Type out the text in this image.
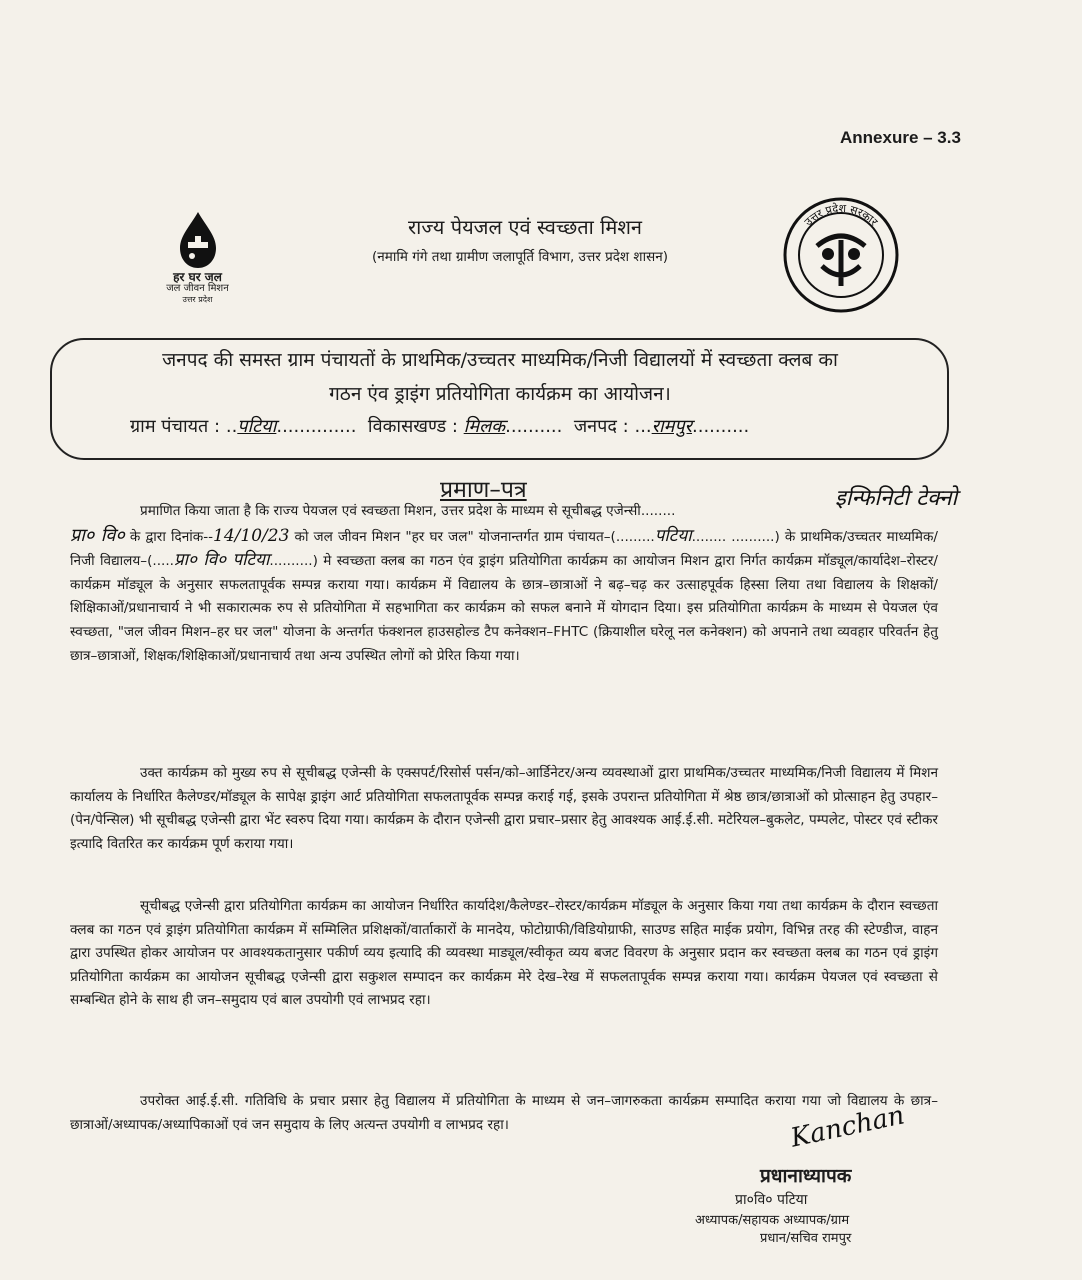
Annexure – 3.3
हर घर जल
जल जीवन मिशन
उत्तर प्रदेश
राज्य पेयजल एवं स्वच्छता मिशन
(नमामि गंगे तथा ग्रामीण जलापूर्ति विभाग, उत्तर प्रदेश शासन)
उत्तर प्रदेश सरकार
जनपद की समस्त ग्राम पंचायतों के प्राथमिक/उच्चतर माध्यमिक/निजी विद्यालयों में स्वच्छता क्लब का
गठन एंव ड्राइंग प्रतियोगिता कार्यक्रम का आयोजन।
ग्राम पंचायत : ..पटिया.............. विकासखण्ड : मिलक.......... जनपद : ...रामपुर..........
प्रमाण–पत्र	इन्फिनिटी टेक्नो
प्रमाणित किया जाता है कि राज्य पेयजल एवं स्वच्छता मिशन, उत्तर प्रदेश के माध्यम से सूचीबद्ध एजेन्सी........
प्रा० वि० के द्वारा दिनांक--14/10/23 को जल जीवन मिशन "हर घर जल" योजनान्तर्गत ग्राम पंचायत–(.........पटिया........ ..........) के प्राथमिक/उच्चतर माध्यमिक/निजी विद्यालय–(.....प्रा० वि० पटिया..........) मे स्वच्छता क्लब का गठन एंव ड्राइंग प्रतियोगिता कार्यक्रम का आयोजन मिशन द्वारा निर्गत कार्यक्रम मॉड्यूल/कार्यादेश–रोस्टर/कार्यक्रम मॉड्यूल के अनुसार सफलतापूर्वक सम्पन्न कराया गया। कार्यक्रम में विद्यालय के छात्र–छात्राओं ने बढ़–चढ़ कर उत्साहपूर्वक हिस्सा लिया तथा विद्यालय के शिक्षकों/शिक्षिकाओं/प्रधानाचार्य ने भी सकारात्मक रुप से प्रतियोगिता में सहभागिता कर कार्यक्रम को सफल बनाने में योगदान दिया। इस प्रतियोगिता कार्यक्रम के माध्यम से पेयजल एंव स्वच्छता, "जल जीवन मिशन–हर घर जल" योजना के अन्तर्गत फंक्शनल हाउसहोल्ड टैप कनेक्शन–FHTC (क्रियाशील घरेलू नल कनेक्शन) को अपनाने तथा व्यवहार परिवर्तन हेतु छात्र–छात्राओं, शिक्षक/शिक्षिकाओं/प्रधानाचार्य तथा अन्य उपस्थित लोगों को प्रेरित किया गया।
उक्त कार्यक्रम को मुख्य रुप से सूचीबद्ध एजेन्सी के एक्सपर्ट/रिसोर्स पर्सन/को–आर्डिनेटर/अन्य व्यवस्थाओं द्वारा प्राथमिक/उच्चतर माध्यमिक/निजी विद्यालय में मिशन कार्यालय के निर्धारित कैलेण्डर/मॉड्यूल के सापेक्ष ड्राइंग आर्ट प्रतियोगिता सफलतापूर्वक सम्पन्न कराई गई, इसके उपरान्त प्रतियोगिता में श्रेष्ठ छात्र/छात्राओं को प्रोत्साहन हेतु उपहार–(पेन/पेन्सिल) भी सूचीबद्ध एजेन्सी द्वारा भेंट स्वरुप दिया गया। कार्यक्रम के दौरान एजेन्सी द्वारा प्रचार–प्रसार हेतु आवश्यक आई.ई.सी. मटेरियल–बुकलेट, पम्पलेट, पोस्टर एवं स्टीकर इत्यादि वितरित कर कार्यक्रम पूर्ण कराया गया।
सूचीबद्ध एजेन्सी द्वारा प्रतियोगिता कार्यक्रम का आयोजन निर्धारित कार्यादेश/कैलेण्डर–रोस्टर/कार्यक्रम मॉड्यूल के अनुसार किया गया तथा कार्यक्रम के दौरान स्वच्छता क्लब का गठन एवं ड्राइंग प्रतियोगिता कार्यक्रम में सम्मिलित प्रशिक्षकों/वार्ताकारों के मानदेय, फोटोग्राफी/विडियोग्राफी, साउण्ड सहित माईक प्रयोग, विभिन्न तरह की स्टेण्डीज, वाहन द्वारा उपस्थित होकर आयोजन पर आवश्यकतानुसार पकीर्ण व्यय इत्यादि की व्यवस्था माड्यूल/स्वीकृत व्यय बजट विवरण के अनुसार प्रदान कर स्वच्छता क्लब का गठन एवं ड्राइंग प्रतियोगिता कार्यक्रम का आयोजन सूचीबद्ध एजेन्सी द्वारा सकुशल सम्पादन कर कार्यक्रम मेरे देख–रेख में सफलतापूर्वक सम्पन्न कराया गया। कार्यक्रम पेयजल एवं स्वच्छता से सम्बन्धित होने के साथ ही जन–समुदाय एवं बाल उपयोगी एवं लाभप्रद रहा।
उपरोक्त आई.ई.सी. गतिविधि के प्रचार प्रसार हेतु विद्यालय में प्रतियोगिता के माध्यम से जन–जागरुकता कार्यक्रम सम्पादित कराया गया जो विद्यालय के छात्र–छात्राओं/अध्यापक/अध्यापिकाओं एवं जन समुदाय के लिए अत्यन्त उपयोगी व लाभप्रद रहा।	Kanchan
प्रधानाध्यापक
प्रा०वि० पटिया
अध्यापक/सहायक अध्यापक/ग्राम
प्रधान/सचिव रामपुर
